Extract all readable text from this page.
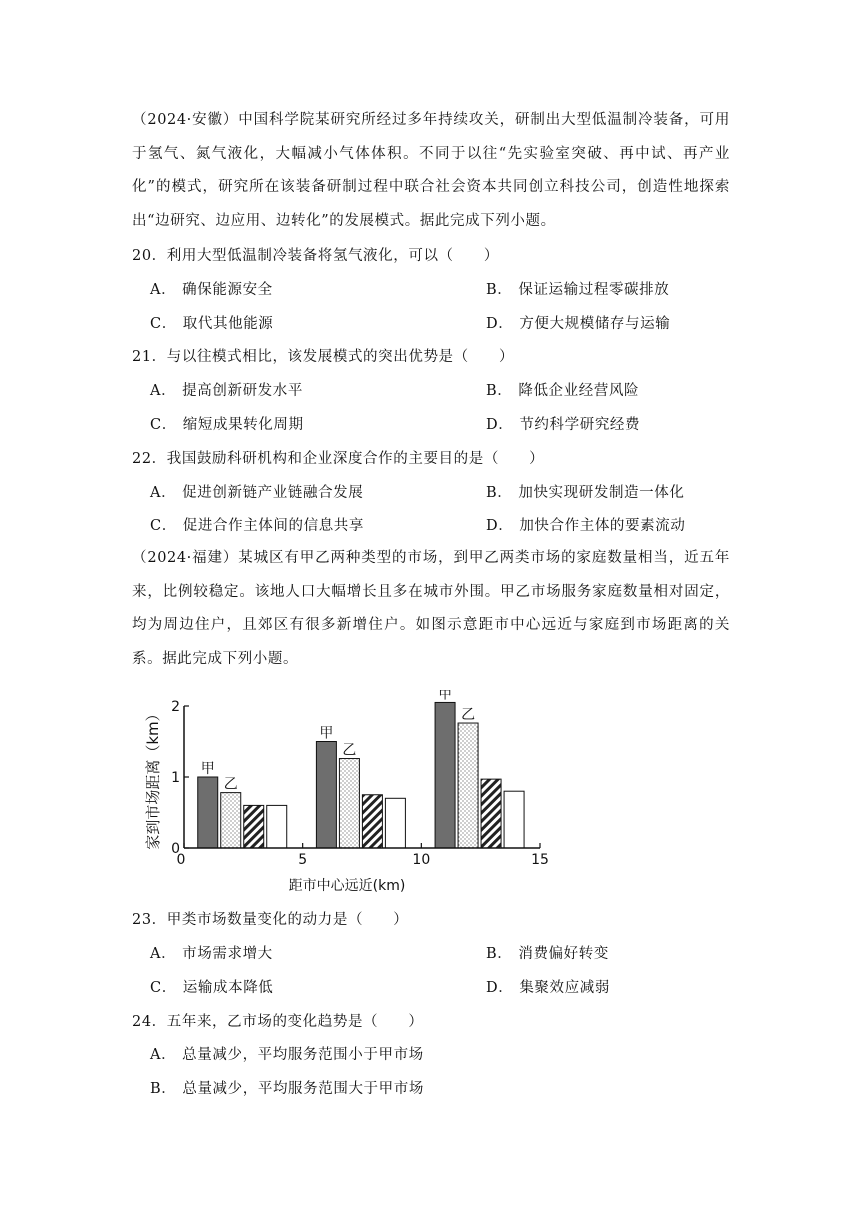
（2024·安徽）中国科学院某研究所经过多年持续攻关，研制出大型低温制冷装备，可用于氢气、氮气液化，大幅减小气体体积。不同于以往“先实验室突破、再中试、再产业化”的模式，研究所在该装备研制过程中联合社会资本共同创立科技公司，创造性地探索出“边研究、边应用、边转化”的发展模式。据此完成下列小题。
20．利用大型低温制冷装备将氢气液化，可以（　　）
A． 确保能源安全	B． 保证运输过程零碳排放
C． 取代其他能源	D． 方便大规模储存与运输
21．与以往模式相比，该发展模式的突出优势是（　　）
A． 提高创新研发水平	B． 降低企业经营风险
C． 缩短成果转化周期	D． 节约科学研究经费
22．我国鼓励科研机构和企业深度合作的主要目的是（　　）
A． 促进创新链产业链融合发展	B． 加快实现研发制造一体化
C． 促进合作主体间的信息共享	D． 加快合作主体的要素流动
（2024·福建）某城区有甲乙两种类型的市场，到甲乙两类市场的家庭数量相当，近五年来，比例较稳定。该地人口大幅增长且多在城市外围。甲乙市场服务家庭数量相对固定，均为周边住户，且郊区有很多新增住户。如图示意距市中心远近与家庭到市场距离的关系。据此完成下列小题。
甲
乙
甲
乙
甲
乙
0
1
2
0	5	10	15
家到市场距离（km）
距市中心远近(km)
23．甲类市场数量变化的动力是（　　）
A． 市场需求增大	B． 消费偏好转变
C． 运输成本降低	D． 集聚效应减弱
24．五年来，乙市场的变化趋势是（　　）
A． 总量减少，平均服务范围小于甲市场
B． 总量减少，平均服务范围大于甲市场
